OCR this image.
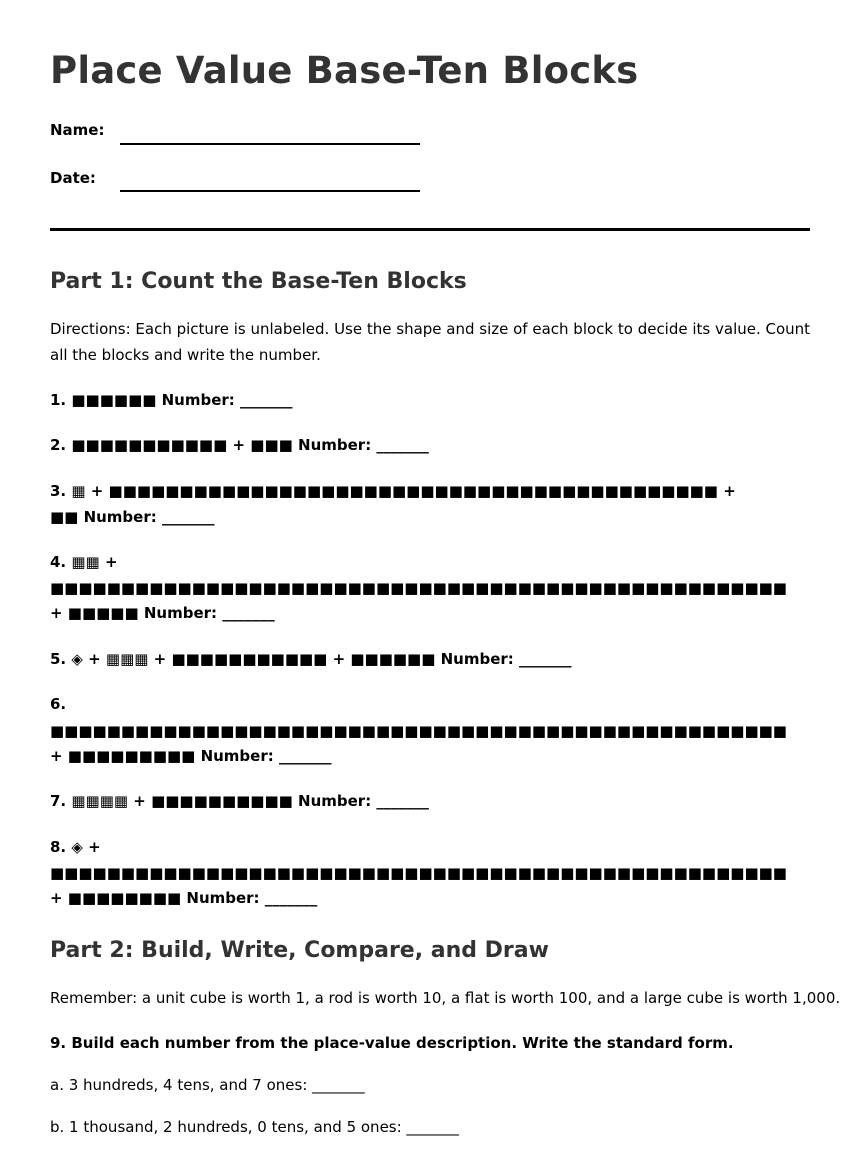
Place Value Base-Ten Blocks
Name:
Date:
Part 1: Count the Base-Ten Blocks
Directions: Each picture is unlabeled. Use the shape and size of each block to decide its value. Count all the blocks and write the number.
1. ■■■■■■ Number: _______
2. ■■■■■■■■■■■ + ■■■ Number: _______
3. ▦ + ■■■■■■■■■■■■■■■■■■■■■■■■■■■■■■■■■■■■■■■■■■■ +
■■ Number: _______
4. ▦▦ +
■■■■■■■■■■■■■■■■■■■■■■■■■■■■■■■■■■■■■■■■■■■■■■■■■■■■
+ ■■■■■ Number: _______
5. ◈ + ▦▦▦ + ■■■■■■■■■■■ + ■■■■■■ Number: _______
6.
■■■■■■■■■■■■■■■■■■■■■■■■■■■■■■■■■■■■■■■■■■■■■■■■■■■■
+ ■■■■■■■■■ Number: _______
7. ▦▦▦▦ + ■■■■■■■■■■ Number: _______
8. ◈ +
■■■■■■■■■■■■■■■■■■■■■■■■■■■■■■■■■■■■■■■■■■■■■■■■■■■■
+ ■■■■■■■■ Number: _______
Part 2: Build, Write, Compare, and Draw
Remember: a unit cube is worth 1, a rod is worth 10, a flat is worth 100, and a large cube is worth 1,000.
9. Build each number from the place-value description. Write the standard form.
a. 3 hundreds, 4 tens, and 7 ones: _______
b. 1 thousand, 2 hundreds, 0 tens, and 5 ones: _______
